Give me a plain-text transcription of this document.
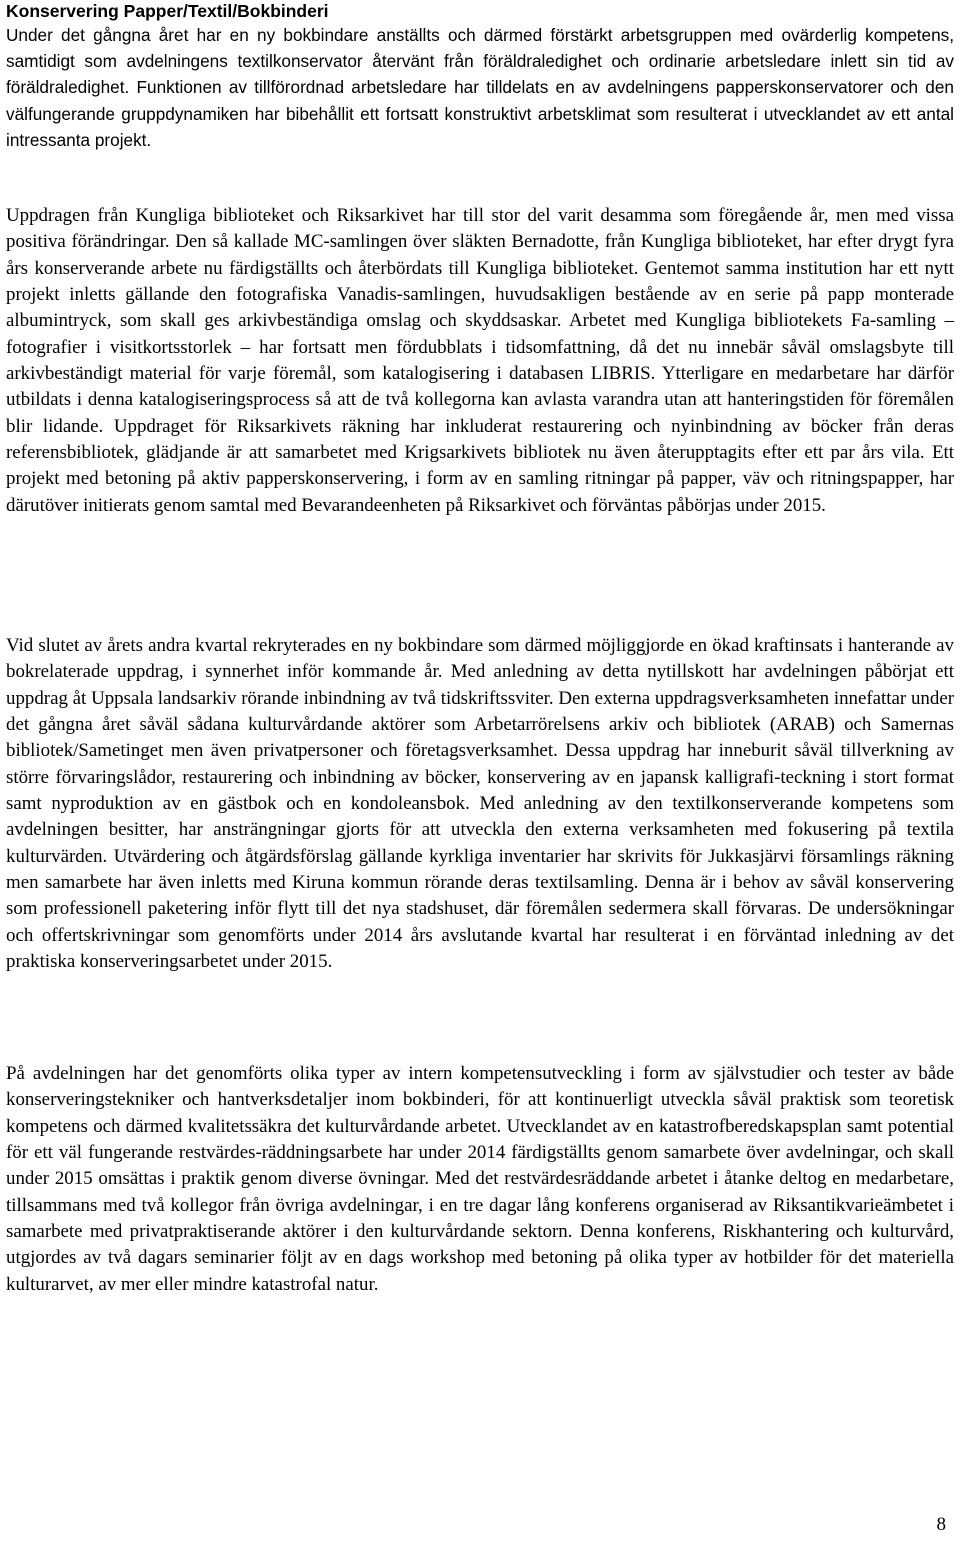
Konservering Papper/Textil/Bokbinderi

Under det gångna året har en ny bokbindare anställts och därmed förstärkt arbetsgruppen med ovärderlig kompetens, samtidigt som avdelningens textilkonservator återvänt från föräldraledighet och ordinarie arbetsledare inlett sin tid av föräldraledighet. Funktionen av tillförordnad arbetsledare har tilldelats en av avdelningens papperskonservatorer och den välfungerande gruppdynamiken har bibehållit ett fortsatt konstruktivt arbetsklimat som resulterat i utvecklandet av ett antal intressanta projekt.

Uppdragen från Kungliga biblioteket och Riksarkivet har till stor del varit desamma som föregående år, men med vissa positiva förändringar. Den så kallade MC-samlingen över släkten Bernadotte, från Kungliga biblioteket, har efter drygt fyra års konserverande arbete nu färdigställts och återbördats till Kungliga biblioteket. Gentemot samma institution har ett nytt projekt inletts gällande den fotografiska Vanadis-samlingen, huvudsakligen bestående av en serie på papp monterade albumintryck, som skall ges arkivbeständiga omslag och skyddsaskar. Arbetet med Kungliga bibliotekets Fa-samling – fotografier i visitkortsstorlek – har fortsatt men fördubblats i tidsomfattning, då det nu innebär såväl omslagsbyte till arkivbeständigt material för varje föremål, som katalogisering i databasen LIBRIS. Ytterligare en medarbetare har därför utbildats i denna katalogiseringsprocess så att de två kollegorna kan avlasta varandra utan att hanteringstiden för föremålen blir lidande. Uppdraget för Riksarkivets räkning har inkluderat restaurering och nyinbindning av böcker från deras referensbibliotek, glädjande är att samarbetet med Krigsarkivets bibliotek nu även återupptagits efter ett par års vila. Ett projekt med betoning på aktiv papperskonservering, i form av en samling ritningar på papper, väv och ritningspapper, har därutöver initierats genom samtal med Bevarandeenheten på Riksarkivet och förväntas påbörjas under 2015.

Vid slutet av årets andra kvartal rekryterades en ny bokbindare som därmed möjliggjorde en ökad kraftinsats i hanterande av bokrelaterade uppdrag, i synnerhet inför kommande år. Med anledning av detta nytillskott har avdelningen påbörjat ett uppdrag åt Uppsala landsarkiv rörande inbindning av två tidskriftssviter. Den externa uppdragsverksamheten innefattar under det gångna året såväl sådana kulturvårdande aktörer som Arbetarrörelsens arkiv och bibliotek (ARAB) och Samernas bibliotek/Sametinget men även privatpersoner och företagsverksamhet. Dessa uppdrag har inneburit såväl tillverkning av större förvaringslådor, restaurering och inbindning av böcker, konservering av en japansk kalligrafi-teckning i stort format samt nyproduktion av en gästbok och en kondoleansbok. Med anledning av den textilkonserverande kompetens som avdelningen besitter, har ansträngningar gjorts för att utveckla den externa verksamheten med fokusering på textila kulturvärden. Utvärdering och åtgärdsförslag gällande kyrkliga inventarier har skrivits för Jukkasjärvi församlings räkning men samarbete har även inletts med Kiruna kommun rörande deras textilsamling. Denna är i behov av såväl konservering som professionell paketering inför flytt till det nya stadshuset, där föremålen sedermera skall förvaras. De undersökningar och offertskrivningar som genomförts under 2014 års avslutande kvartal har resulterat i en förväntad inledning av det praktiska konserveringsarbetet under 2015.

På avdelningen har det genomförts olika typer av intern kompetensutveckling i form av självstudier och tester av både konserveringstekniker och hantverksdetaljer inom bokbinderi, för att kontinuerligt utveckla såväl praktisk som teoretisk kompetens och därmed kvalitetssäkra det kulturvårdande arbetet. Utvecklandet av en katastrofberedskapsplan samt potential för ett väl fungerande restvärdes-räddningsarbete har under 2014 färdigställts genom samarbete över avdelningar, och skall under 2015 omsättas i praktik genom diverse övningar. Med det restvärdesräddande arbetet i åtanke deltog en medarbetare, tillsammans med två kollegor från övriga avdelningar, i en tre dagar lång konferens organiserad av Riksantikvarieämbetet i samarbete med privatpraktiserande aktörer i den kulturvårdande sektorn. Denna konferens, Riskhantering och kulturvård, utgjordes av två dagars seminarier följt av en dags workshop med betoning på olika typer av hotbilder för det materiella kulturarvet, av mer eller mindre katastrofal natur.

8
